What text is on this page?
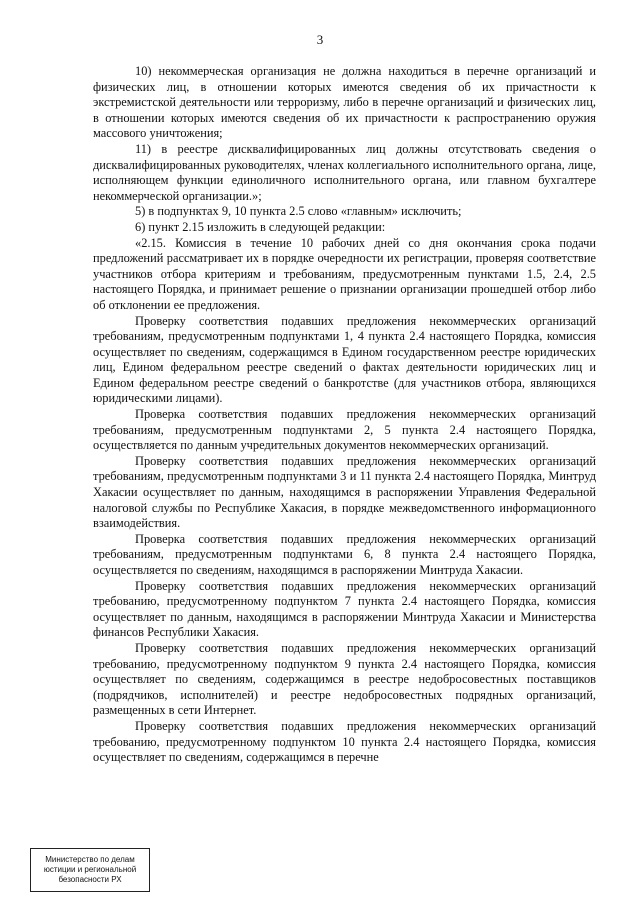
3

10) некоммерческая организация не должна находиться в перечне организаций и физических лиц, в отношении которых имеются сведения об их причастности к экстремистской деятельности или терроризму, либо в перечне организаций и физических лиц, в отношении которых имеются сведения об их причастности к распространению оружия массового уничтожения;

11) в реестре дисквалифицированных лиц должны отсутствовать сведения о дисквалифицированных руководителях, членах коллегиального исполнительного органа, лице, исполняющем функции единоличного исполнительного органа, или главном бухгалтере некоммерческой организации.»;

5) в подпунктах 9, 10 пункта 2.5 слово «главным» исключить;

6) пункт 2.15 изложить в следующей редакции:

«2.15. Комиссия в течение 10 рабочих дней со дня окончания срока подачи предложений рассматривает их в порядке очередности их регистрации, проверяя соответствие участников отбора критериям и требованиям, предусмотренным пунктами 1.5, 2.4, 2.5 настоящего Порядка, и принимает решение о признании организации прошедшей отбор либо об отклонении ее предложения.

Проверку соответствия подавших предложения некоммерческих организаций требованиям, предусмотренным подпунктами 1, 4 пункта 2.4 настоящего Порядка, комиссия осуществляет по сведениям, содержащимся в Едином государственном реестре юридических лиц, Едином федеральном реестре сведений о фактах деятельности юридических лиц и Едином федеральном реестре сведений о банкротстве (для участников отбора, являющихся юридическими лицами).

Проверка соответствия подавших предложения некоммерческих организаций требованиям, предусмотренным подпунктами 2, 5 пункта 2.4 настоящего Порядка, осуществляется по данным учредительных документов некоммерческих организаций.

Проверку соответствия подавших предложения некоммерческих организаций требованиям, предусмотренным подпунктами 3 и 11 пункта 2.4 настоящего Порядка, Минтруд Хакасии осуществляет по данным, находящимся в распоряжении Управления Федеральной налоговой службы по Республике Хакасия, в порядке межведомственного информационного взаимодействия.

Проверка соответствия подавших предложения некоммерческих организаций требованиям, предусмотренным подпунктами 6, 8 пункта 2.4 настоящего Порядка, осуществляется по сведениям, находящимся в распоряжении Минтруда Хакасии.

Проверку соответствия подавших предложения некоммерческих организаций требованию, предусмотренному подпунктом 7 пункта 2.4 настоящего Порядка, комиссия осуществляет по данным, находящимся в распоряжении Минтруда Хакасии и Министерства финансов Республики Хакасия.

Проверку соответствия подавших предложения некоммерческих организаций требованию, предусмотренному подпунктом 9 пункта 2.4 настоящего Порядка, комиссия осуществляет по сведениям, содержащимся в реестре недобросовестных поставщиков (подрядчиков, исполнителей) и реестре недобросовестных подрядных организаций, размещенных в сети Интернет.

Проверку соответствия подавших предложения некоммерческих организаций требованию, предусмотренному подпунктом 10 пункта 2.4 настоящего Порядка, комиссия осуществляет по сведениям, содержащимся в перечне

Министерство по делам
юстиции и региональной
безопасности РХ
